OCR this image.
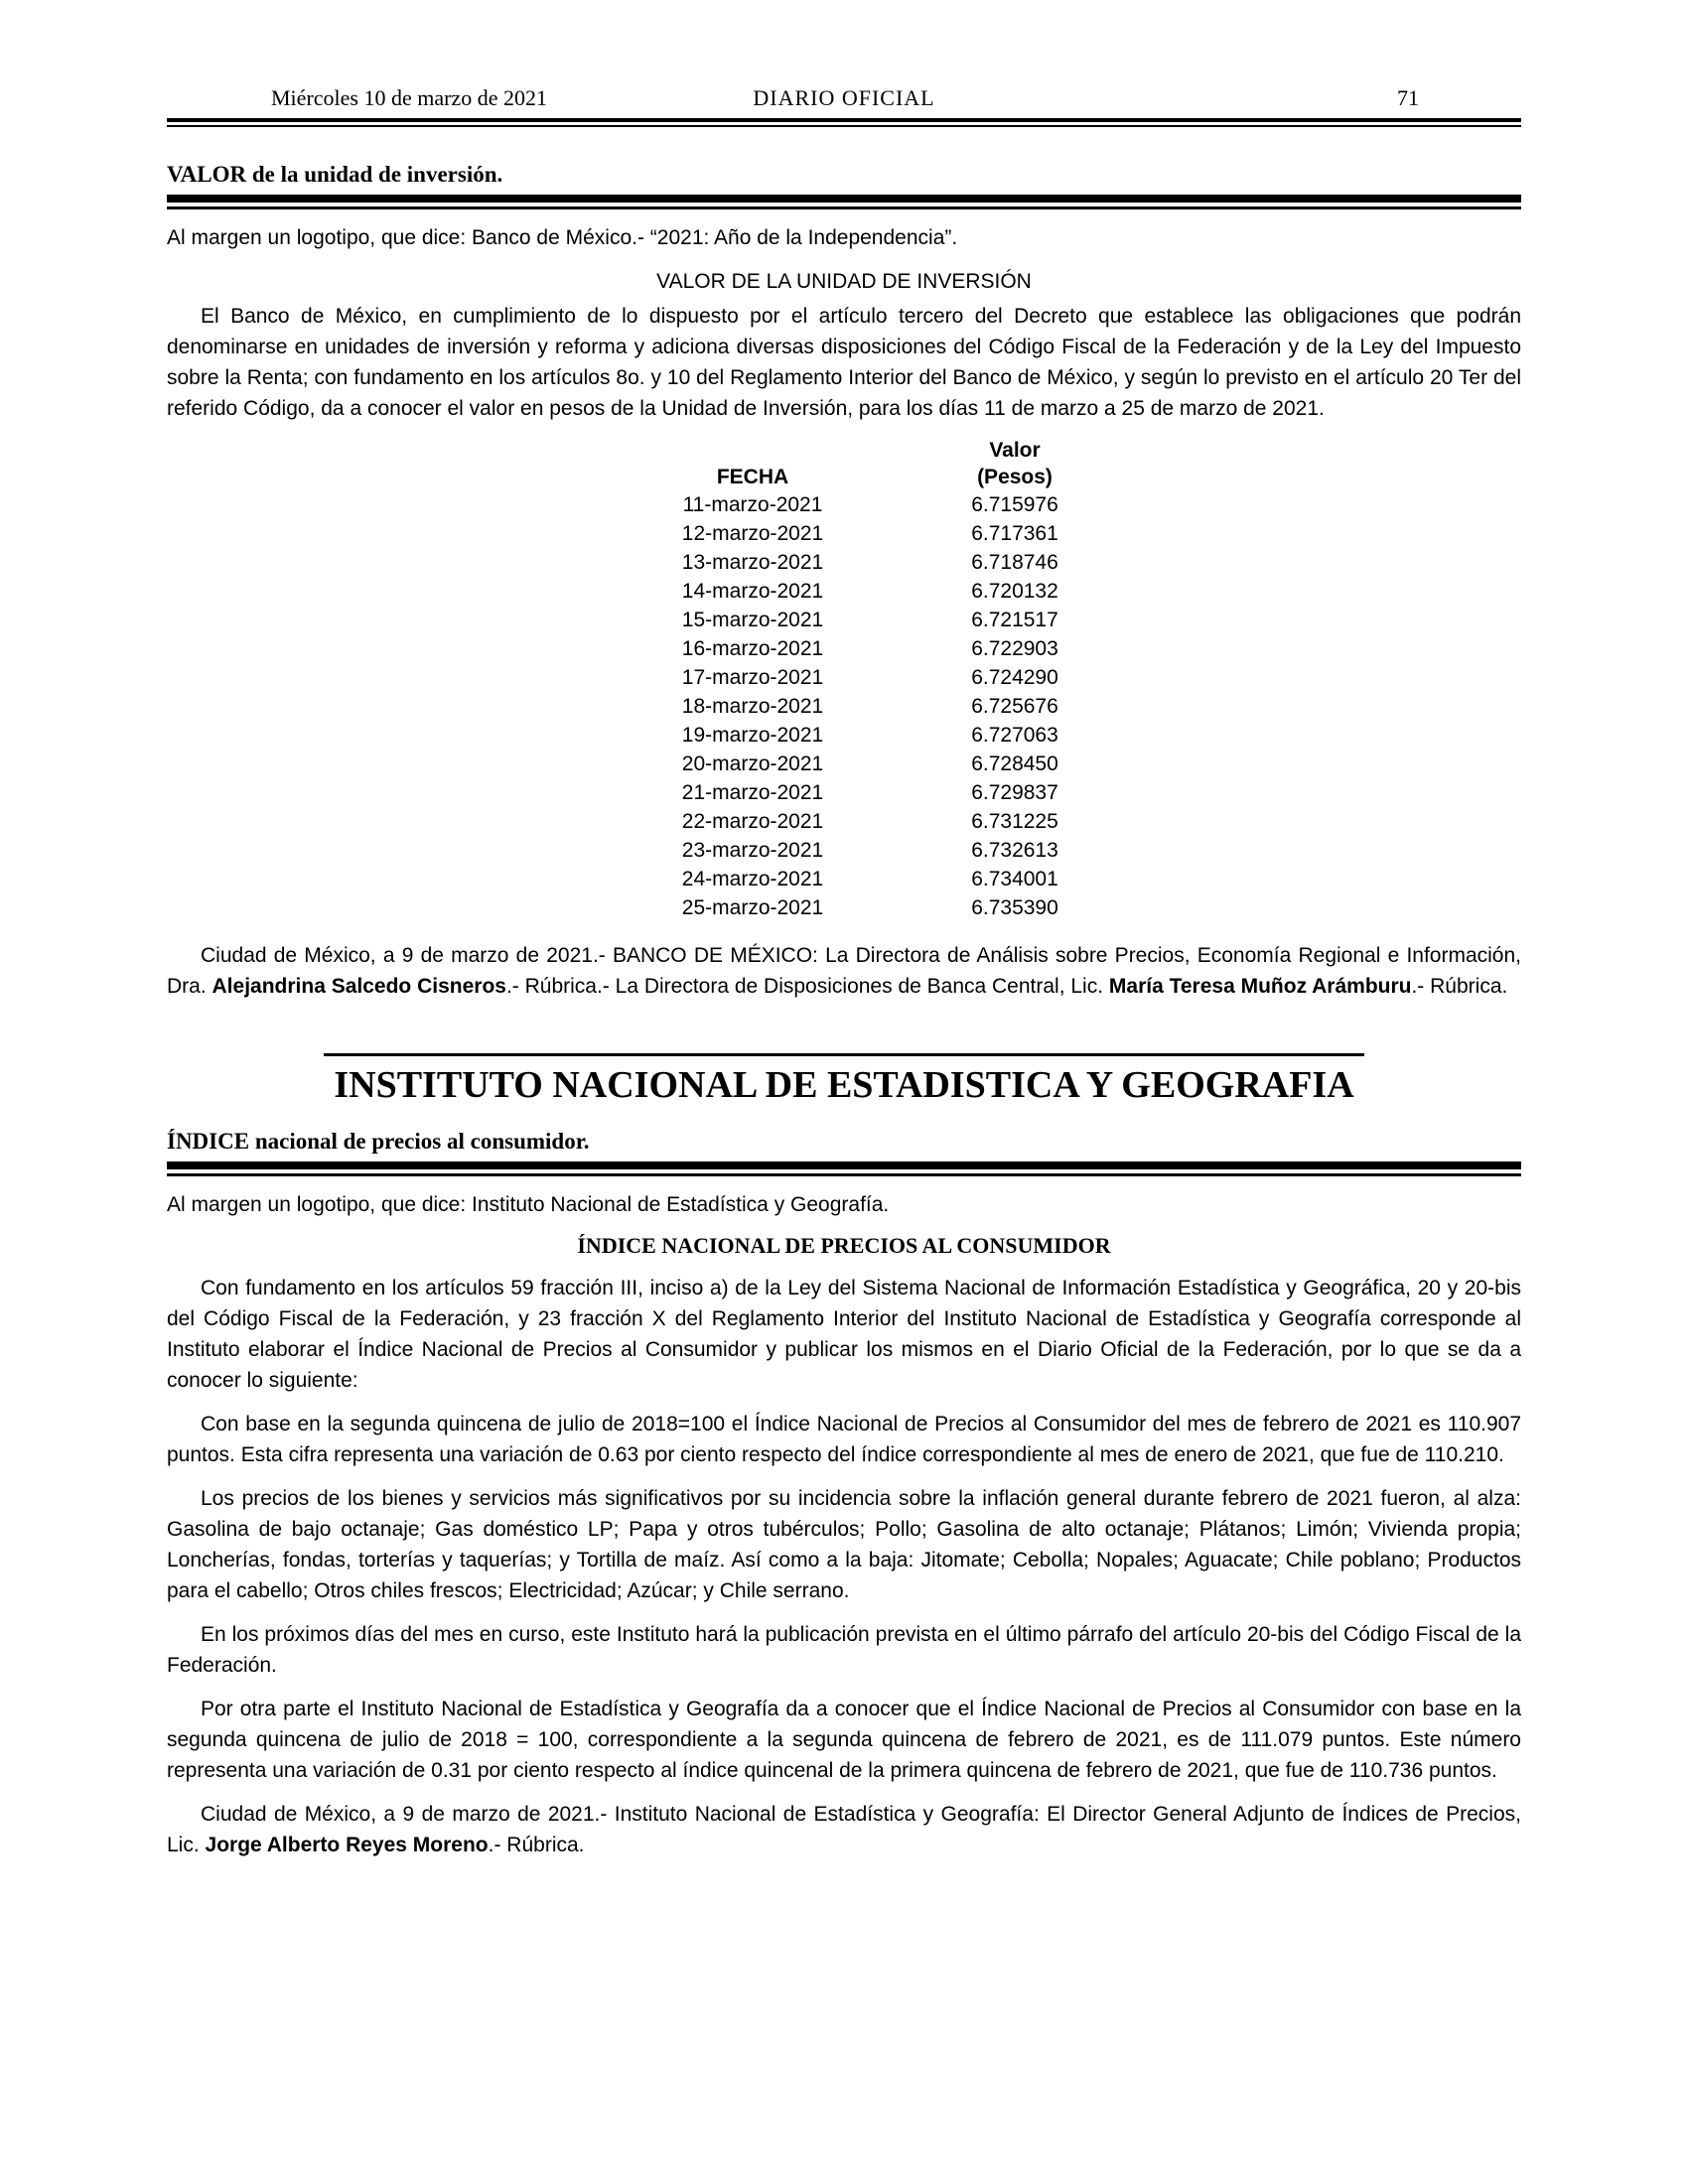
Miércoles 10 de marzo de 2021	DIARIO OFICIAL	71
VALOR de la unidad de inversión.
Al margen un logotipo, que dice: Banco de México.- “2021: Año de la Independencia”.
VALOR DE LA UNIDAD DE INVERSIÓN
El Banco de México, en cumplimiento de lo dispuesto por el artículo tercero del Decreto que establece las obligaciones que podrán denominarse en unidades de inversión y reforma y adiciona diversas disposiciones del Código Fiscal de la Federación y de la Ley del Impuesto sobre la Renta; con fundamento en los artículos 8o. y 10 del Reglamento Interior del Banco de México, y según lo previsto en el artículo 20 Ter del referido Código, da a conocer el valor en pesos de la Unidad de Inversión, para los días 11 de marzo a 25 de marzo de 2021.
FECHA
Valor
(Pesos)
11-marzo-2021	6.715976
12-marzo-2021	6.717361
13-marzo-2021	6.718746
14-marzo-2021	6.720132
15-marzo-2021	6.721517
16-marzo-2021	6.722903
17-marzo-2021	6.724290
18-marzo-2021	6.725676
19-marzo-2021	6.727063
20-marzo-2021	6.728450
21-marzo-2021	6.729837
22-marzo-2021	6.731225
23-marzo-2021	6.732613
24-marzo-2021	6.734001
25-marzo-2021	6.735390
Ciudad de México, a 9 de marzo de 2021.- BANCO DE MÉXICO: La Directora de Análisis sobre Precios, Economía Regional e Información, Dra. Alejandrina Salcedo Cisneros.- Rúbrica.- La Directora de Disposiciones de Banca Central, Lic. María Teresa Muñoz Arámburu.- Rúbrica.
INSTITUTO NACIONAL DE ESTADISTICA Y GEOGRAFIA
ÍNDICE nacional de precios al consumidor.
Al margen un logotipo, que dice: Instituto Nacional de Estadística y Geografía.
ÍNDICE NACIONAL DE PRECIOS AL CONSUMIDOR
Con fundamento en los artículos 59 fracción III, inciso a) de la Ley del Sistema Nacional de Información Estadística y Geográfica, 20 y 20-bis del Código Fiscal de la Federación, y 23 fracción X del Reglamento Interior del Instituto Nacional de Estadística y Geografía corresponde al Instituto elaborar el Índice Nacional de Precios al Consumidor y publicar los mismos en el Diario Oficial de la Federación, por lo que se da a conocer lo siguiente:
Con base en la segunda quincena de julio de 2018=100 el Índice Nacional de Precios al Consumidor del mes de febrero de 2021 es 110.907 puntos. Esta cifra representa una variación de 0.63 por ciento respecto del índice correspondiente al mes de enero de 2021, que fue de 110.210.
Los precios de los bienes y servicios más significativos por su incidencia sobre la inflación general durante febrero de 2021 fueron, al alza: Gasolina de bajo octanaje; Gas doméstico LP; Papa y otros tubérculos; Pollo; Gasolina de alto octanaje; Plátanos; Limón; Vivienda propia; Loncherías, fondas, torterías y taquerías; y Tortilla de maíz. Así como a la baja: Jitomate; Cebolla; Nopales; Aguacate; Chile poblano; Productos para el cabello; Otros chiles frescos; Electricidad; Azúcar; y Chile serrano.
En los próximos días del mes en curso, este Instituto hará la publicación prevista en el último párrafo del artículo 20-bis del Código Fiscal de la Federación.
Por otra parte el Instituto Nacional de Estadística y Geografía da a conocer que el Índice Nacional de Precios al Consumidor con base en la segunda quincena de julio de 2018 = 100, correspondiente a la segunda quincena de febrero de 2021, es de 111.079 puntos. Este número representa una variación de 0.31 por ciento respecto al índice quincenal de la primera quincena de febrero de 2021, que fue de 110.736 puntos.
Ciudad de México, a 9 de marzo de 2021.- Instituto Nacional de Estadística y Geografía: El Director General Adjunto de Índices de Precios, Lic. Jorge Alberto Reyes Moreno.- Rúbrica.
